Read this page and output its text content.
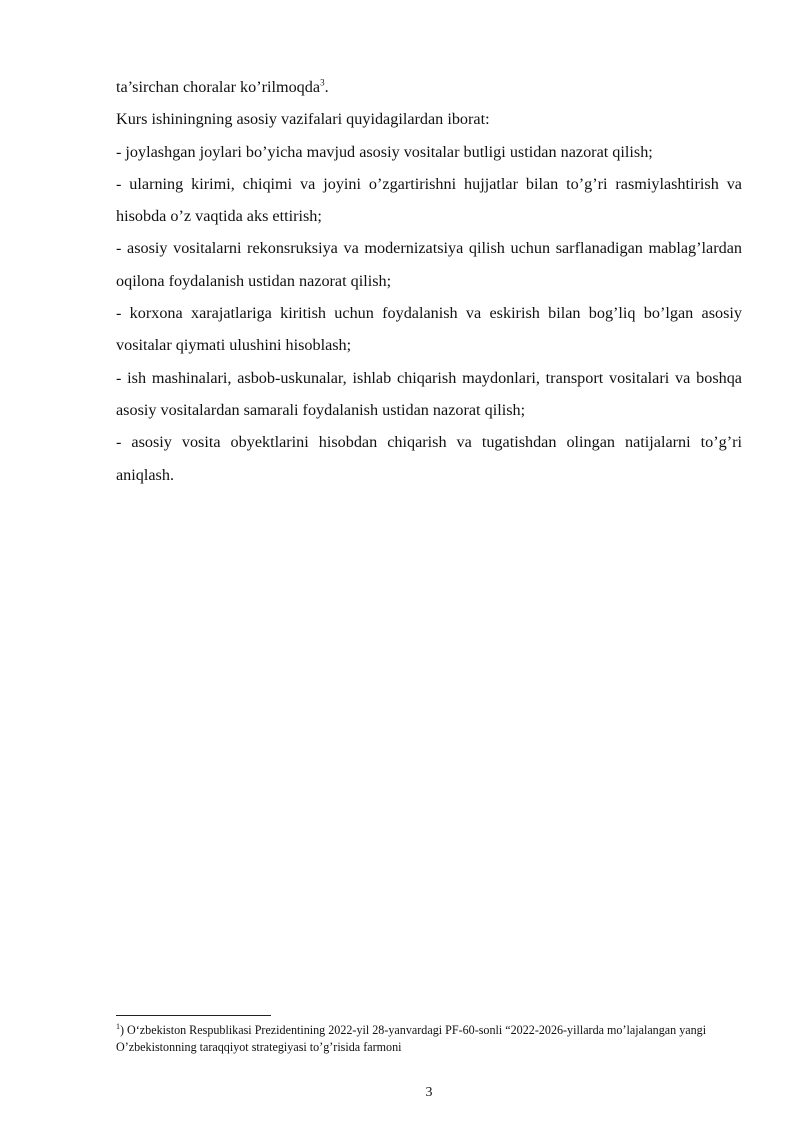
ta’sirchan choralar ko’rilmoqda$^3$.

Kurs ishiningning asosiy vazifalari quyidagilardan iborat:

- joylashgan joylari bo’yicha mavjud asosiy vositalar butligi ustidan nazorat qilish;

- ularning kirimi, chiqimi va joyini o’zgartirishni hujjatlar bilan to’g’ri rasmiylashtirish va hisobda o’z vaqtida aks ettirish;

- asosiy vositalarni rekonsruksiya va modernizatsiya qilish uchun sarflanadigan mablag’lardan oqilona foydalanish ustidan nazorat qilish;

- korxona xarajatlariga kiritish uchun foydalanish va eskirish bilan bog’liq bo’lgan asosiy vositalar qiymati ulushini hisoblash;

- ish mashinalari, asbob-uskunalar, ishlab chiqarish maydonlari, transport vositalari va boshqa asosiy vositalardan samarali foydalanish ustidan nazorat qilish;

- asosiy vosita obyektlarini hisobdan chiqarish va tugatishdan olingan natijalarni to’g’ri aniqlash.

$^1$) O‘zbekiston Respublikasi Prezidentining 2022-yil 28-yanvardagi PF-60-sonli “2022-2026-yillarda mo’lajalangan yangi O’zbekistonning taraqqiyot strategiyasi to’g’risida farmoni

3
